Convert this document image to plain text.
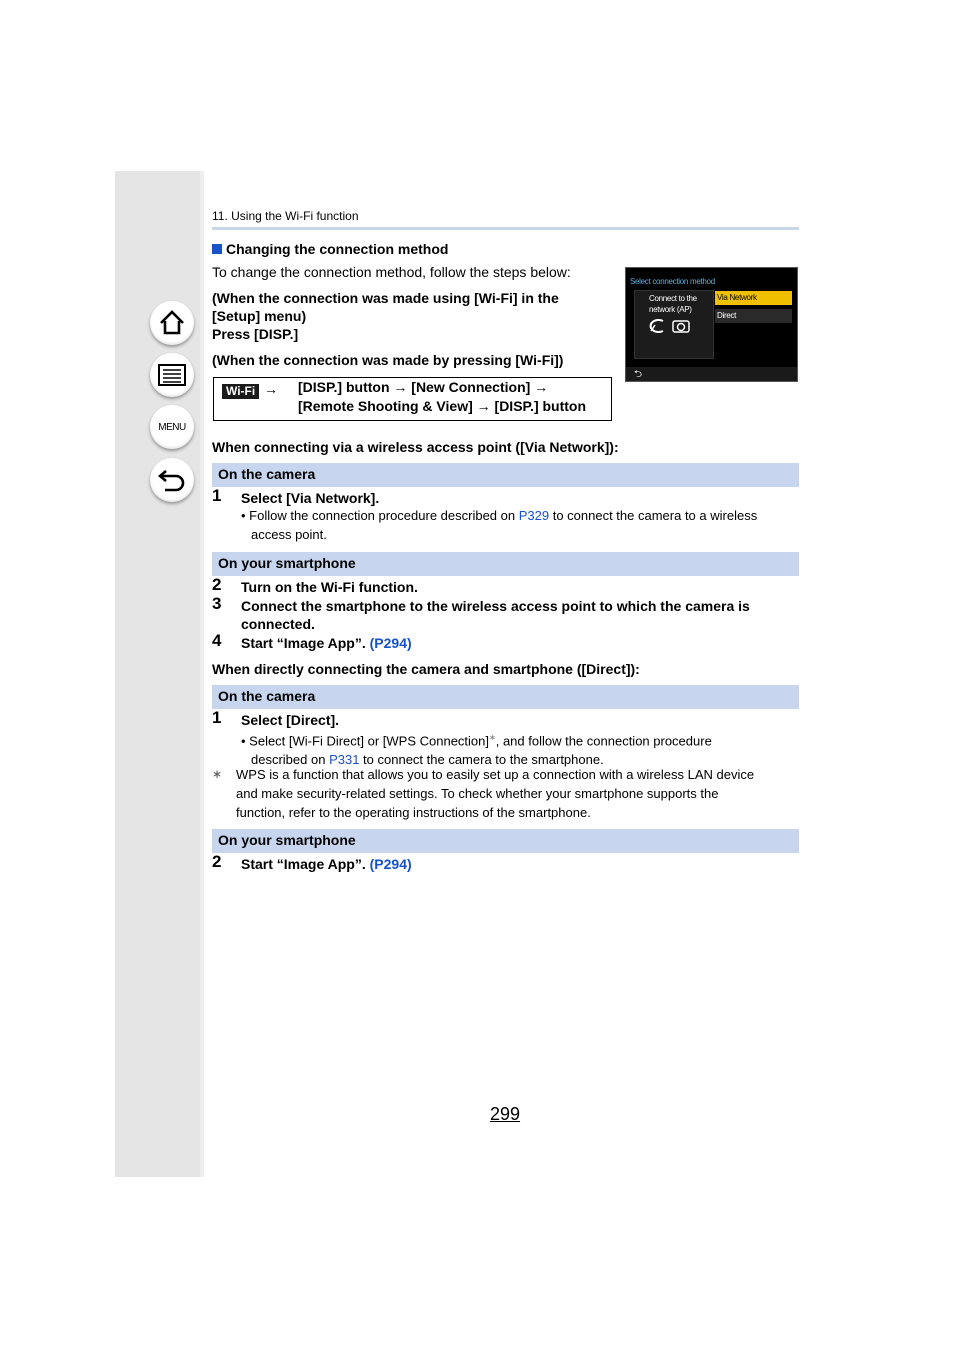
MENU
11. Using the Wi-Fi function
Changing the connection method
To change the connection method, follow the steps below:
(When the connection was made using [Wi-Fi] in the
[Setup] menu)
Press [DISP.]
(When the connection was made by pressing [Wi-Fi])
Wi-Fi → [DISP.] button → [New Connection] →
[Remote Shooting & View] → [DISP.] button
Select connection method
Connect to the
network (AP)
Via Network
Direct
⮌
When connecting via a wireless access point ([Via Network]):
On the camera
1 Select [Via Network].
• Follow the connection procedure described on P329 to connect the camera to a wireless
access point.
On your smartphone
2 Turn on the Wi-Fi function.
3 Connect the smartphone to the wireless access point to which the camera is
connected.
4 Start “Image App”. (P294)
When directly connecting the camera and smartphone ([Direct]):
On the camera
1 Select [Direct].
• Select [Wi-Fi Direct] or [WPS Connection]∗, and follow the connection procedure
described on P331 to connect the camera to the smartphone.
∗	WPS is a function that allows you to easily set up a connection with a wireless LAN device
and make security-related settings. To check whether your smartphone supports the
function, refer to the operating instructions of the smartphone.
On your smartphone
2 Start “Image App”. (P294)
299
